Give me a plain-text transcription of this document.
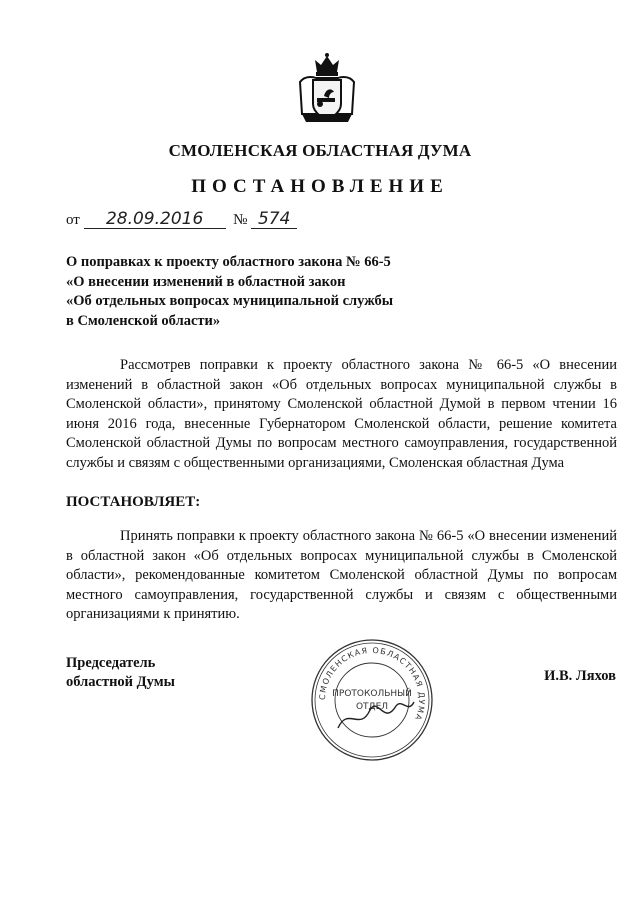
СМОЛЕНСКАЯ ОБЛАСТНАЯ ДУМА
ПОСТАНОВЛЕНИЕ
от 28.09.2016 № 574
О поправках к проекту областного закона № 66-5
«О внесении изменений в областной закон
«Об отдельных вопросах муниципальной службы
в Смоленской области»
Рассмотрев поправки к проекту областного закона № 66-5 «О внесении изменений в областной закон «Об отдельных вопросах муниципальной службы в Смоленской области», принятому Смоленской областной Думой в первом чтении 16 июня 2016 года, внесенные Губернатором Смоленской области, решение комитета Смоленской областной Думы по вопросам местного самоуправления, государственной службы и связям с общественными организациями, Смоленская областная Дума
ПОСТАНОВЛЯЕТ:
Принять поправки к проекту областного закона № 66-5 «О внесении изменений в областной закон «Об отдельных вопросах муниципальной службы в Смоленской области», рекомендованные комитетом Смоленской областной Думы по вопросам местного самоуправления, государственной службы и связям с общественными организациями к принятию.
Председатель
областной Думы
СМОЛЕНСКАЯ ОБЛАСТНАЯ ДУМА
ПРОТОКОЛЬНЫЙ
ОТДЕЛ
И.В. Ляхов
